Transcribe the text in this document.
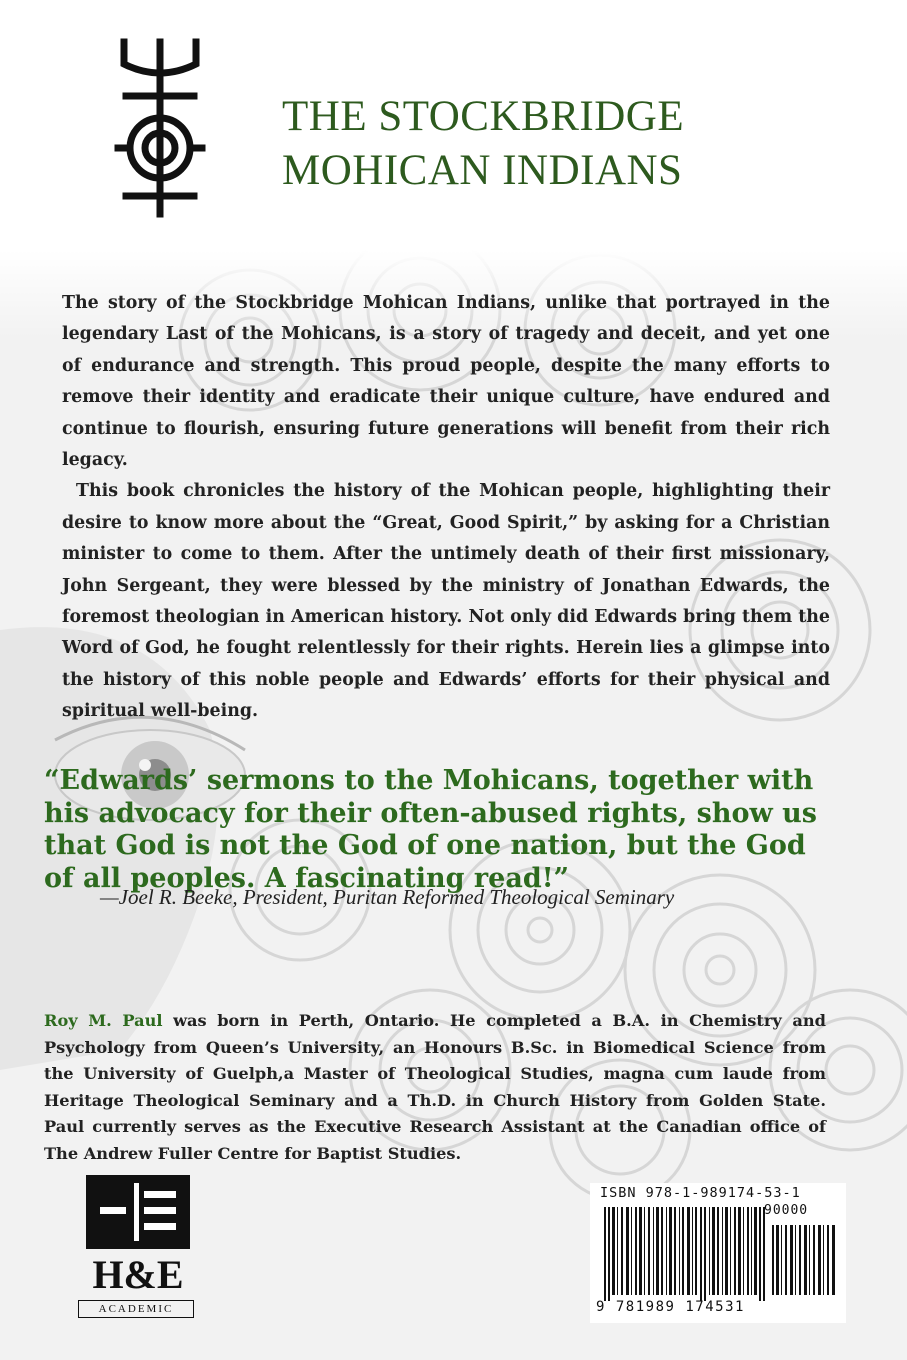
THE STOCKBRIDGE
MOHICAN INDIANS

The story of the Stockbridge Mohican Indians, unlike that portrayed in the legendary Last of the Mohicans, is a story of tragedy and deceit, and yet one of endurance and strength. This proud people, despite the many efforts to remove their identity and eradicate their unique culture, have endured and continue to flourish, ensuring future generations will benefit from their rich legacy.

This book chronicles the history of the Mohican people, highlighting their desire to know more about the “Great, Good Spirit,” by asking for a Christian minister to come to them. After the untimely death of their first missionary, John Sergeant, they were blessed by the ministry of Jonathan Edwards, the foremost theologian in American history. Not only did Edwards bring them the Word of God, he fought relentlessly for their rights. Herein lies a glimpse into the history of this noble people and Edwards’ efforts for their physical and spiritual well-being.

“Edwards’ sermons to the Mohicans, together with his advocacy for their often-abused rights, show us that God is not the God of one nation, but the God of all peoples. A fascinating read!”

—Joel R. Beeke, President, Puritan Reformed Theological Seminary

Roy M. Paul was born in Perth, Ontario. He completed a B.A. in Chemistry and Psychology from Queen’s University, an Honours B.Sc. in Biomedical Science from the University of Guelph,a Master of Theological Studies, magna cum laude from Heritage Theological Seminary and a Th.D. in Church History from Golden State. Paul currently serves as the Executive Research Assistant at the Canadian office of The Andrew Fuller Centre for Baptist Studies.

H&E
ACADEMIC
ISBN 978-1-989174-53-1
90000
9 781989 174531
